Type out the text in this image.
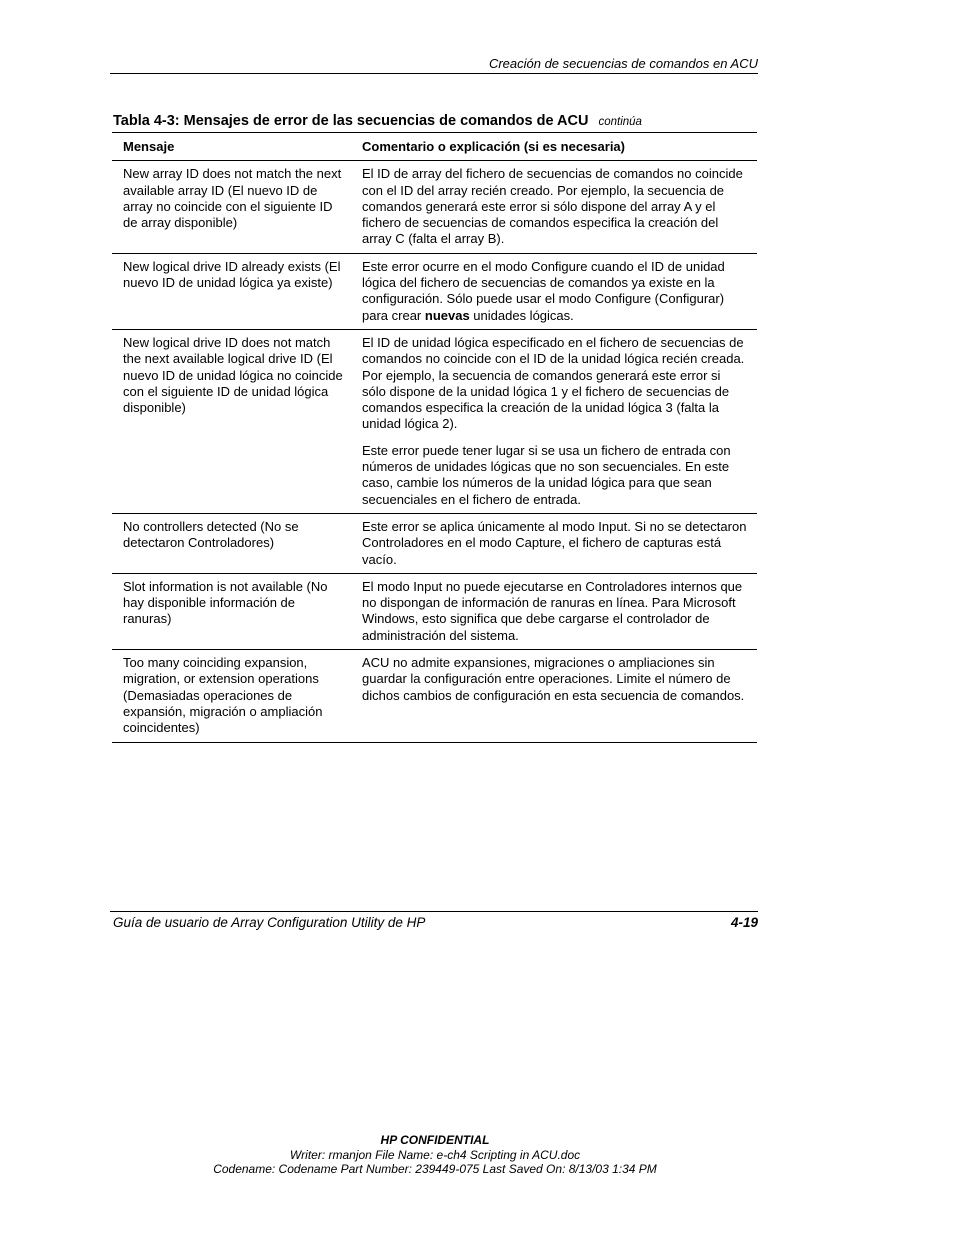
Creación de secuencias de comandos en ACU
Tabla 4-3: Mensajes de error de las secuencias de comandos de ACU continúa
Mensaje	Comentario o explicación (si es necesaria)
New array ID does not match the next available array ID (El nuevo ID de array no coincide con el siguiente ID de array disponible)

El ID de array del fichero de secuencias de comandos no coincide con el ID del array recién creado. Por ejemplo, la secuencia de comandos generará este error si sólo dispone del array A y el fichero de secuencias de comandos especifica la creación del array C (falta el array B).

New logical drive ID already exists (El nuevo ID de unidad lógica ya existe)

Este error ocurre en el modo Configure cuando el ID de unidad lógica del fichero de secuencias de comandos ya existe en la configuración. Sólo puede usar el modo Configure (Configurar) para crear nuevas unidades lógicas.

New logical drive ID does not match the next available logical drive ID (El nuevo ID de unidad lógica no coincide con el siguiente ID de unidad lógica disponible)

El ID de unidad lógica especificado en el fichero de secuencias de comandos no coincide con el ID de la unidad lógica recién creada. Por ejemplo, la secuencia de comandos generará este error si sólo dispone de la unidad lógica 1 y el fichero de secuencias de comandos especifica la creación de la unidad lógica 3 (falta la unidad lógica 2).

Este error puede tener lugar si se usa un fichero de entrada con números de unidades lógicas que no son secuenciales. En este caso, cambie los números de la unidad lógica para que sean secuenciales en el fichero de entrada.

No controllers detected (No se detectaron Controladores)

Este error se aplica únicamente al modo Input. Si no se detectaron Controladores en el modo Capture, el fichero de capturas está vacío.

Slot information is not available (No hay disponible información de ranuras)

El modo Input no puede ejecutarse en Controladores internos que no dispongan de información de ranuras en línea. Para Microsoft Windows, esto significa que debe cargarse el controlador de administración del sistema.

Too many coinciding expansion, migration, or extension operations (Demasiadas operaciones de expansión, migración o ampliación coincidentes)

ACU no admite expansiones, migraciones o ampliaciones sin guardar la configuración entre operaciones. Limite el número de dichos cambios de configuración en esta secuencia de comandos.

Guía de usuario de Array Configuration Utility de HP	4-19
HP CONFIDENTIAL
Writer: rmanjon File Name: e-ch4 Scripting in ACU.doc
Codename: Codename Part Number: 239449-075 Last Saved On: 8/13/03 1:34 PM
